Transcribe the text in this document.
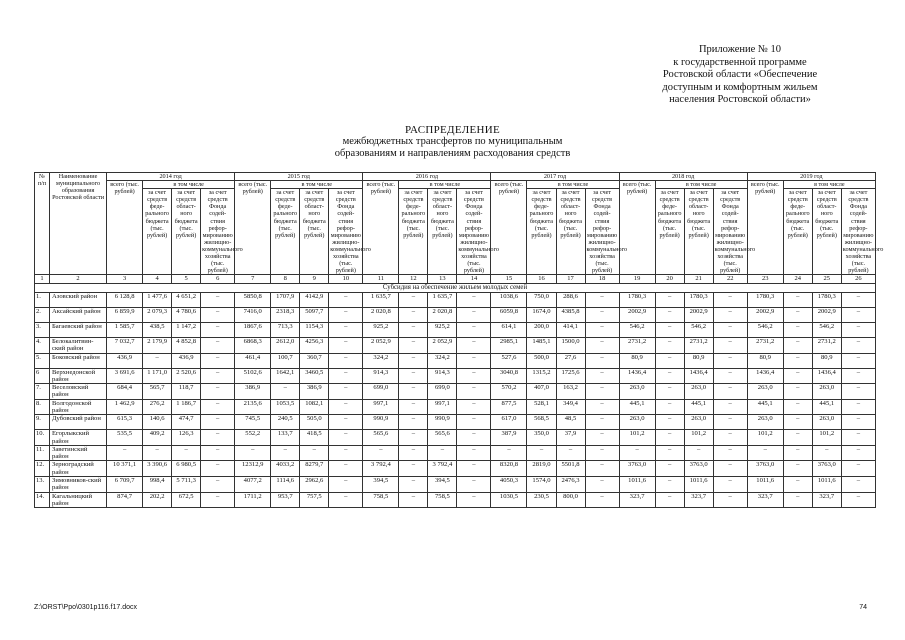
Приложение № 10
к государственной программе
Ростовской области «Обеспечение
доступным и комфортным жильем
населения Ростовской области»
РАСПРЕДЕЛЕНИЕ
межбюджетных трансфертов по муниципальным
образованиям и направлениям расходования средств
№ п/п	Наименование муниципального образования Ростовской области	2014 год				2015 год				2016 год				2017 год				2018 год				2019 год			
		всего (тыс. рублей)	в том числе			всего (тыс. рублей)	в том числе			всего (тыс. рублей)	в том числе			всего (тыс. рублей)	в том числе			всего (тыс. рублей)	в том числе			всего (тыс. рублей)	в том числе		
			за счет средств феде-рального бюджета (тыс. рублей)	за счет средств област-ного бюджета (тыс. рублей)	за счет средств Фонда содей-ствия рефор-мированию жилищно-коммунального хозяйства (тыс. рублей)		за счет средств феде-рального бюджета (тыс. рублей)	за счет средств област-ного бюджета (тыс. рублей)	за счет средств Фонда содей-ствия рефор-мированию жилищно-коммунального хозяйства (тыс. рублей)		за счет средств феде-рального бюджета (тыс. рублей)	за счет средств област-ного бюджета (тыс. рублей)	за счет средств Фонда содей-ствия рефор-мированию жилищно-коммунального хозяйства (тыс. рублей)		за счет средств феде-рального бюджета (тыс. рублей)	за счет средств област-ного бюджета (тыс. рублей)	за счет средств Фонда содей-ствия рефор-мированию жилищно-коммунального хозяйства (тыс. рублей)		за счет средств феде-рального бюджета (тыс. рублей)	за счет средств област-ного бюджета (тыс. рублей)	за счет средств Фонда содей-ствия рефор-мированию жилищно-коммунального хозяйства (тыс. рублей)		за счет средств феде-рального бюджета (тыс. рублей)	за счет средств област-ного бюджета (тыс. рублей)	за счет средств Фонда содей-ствия рефор-мированию жилищно-коммунального хозяйства (тыс. рублей)
1	2	3	4	5	6	7	8	9	10	11	12	13	14	15	16	17	18	19	20	21	22	23	24	25	26
Субсидия на обеспечение жильем молодых семей																									
1.	Азовский район	6 128,8	1 477,6	4 651,2	–	5850,8	1707,9	4142,9	–	1 635,7	–	1 635,7	–	1038,6	750,0	288,6	–	1780,3	–	1780,3	–	1780,3	–	1780,3	–
2.	Аксайский район	6 859,9	2 079,3	4 780,6	–	7416,0	2318,3	5097,7	–	2 020,8	–	2 020,8	–	6059,8	1674,0	4385,8	–	2002,9	–	2002,9	–	2002,9	–	2002,9	–
3.	Багаевский район	1 585,7	438,5	1 147,2	–	1867,6	713,3	1154,3	–	925,2	–	925,2	–	614,1	200,0	414,1	–	546,2	–	546,2	–	546,2	–	546,2	–
4.	Белокалитвин-ский район	7 032,7	2 179,9	4 852,8	–	6868,3	2612,0	4256,3	–	2 052,9	–	2 052,9	–	2985,1	1485,1	1500,0	–	2731,2	–	2731,2	–	2731,2	–	2731,2	–
5.	Боковский район	436,9	–	436,9	–	461,4	100,7	360,7	–	324,2	–	324,2	–	527,6	500,0	27,6	–	80,9	–	80,9	–	80,9	–	80,9	–
6	Верхнедонской район	3 691,6	1 171,0	2 520,6	–	5102,6	1642,1	3460,5	–	914,3	–	914,3	–	3040,8	1315,2	1725,6	–	1436,4	–	1436,4	–	1436,4	–	1436,4	–
7.	Веселовский район	684,4	565,7	118,7	–	386,9	–	386,9	–	699,0	–	699,0	–	570,2	407,0	163,2	–	263,0	–	263,0	–	263,0	–	263,0	–
8.	Волгодонской район	1 462,9	276,2	1 186,7	–	2135,6	1053,5	1082,1	–	997,1	–	997,1	–	877,5	528,1	349,4	–	445,1	–	445,1	–	445,1	–	445,1	–
9.	Дубовский район	615,3	140,6	474,7	–	745,5	240,5	505,0	–	990,9	–	990,9	–	617,0	568,5	48,5	–	263,0	–	263,0	–	263,0	–	263,0	–
10.	Егорлыкский район	535,5	409,2	126,3	–	552,2	133,7	418,5	–	565,6	–	565,6	–	387,9	350,0	37,9	–	101,2	–	101,2	–	101,2	–	101,2	–
11.	Заветинский район	–	–	–	–	–	–	–	–	–	–	–	–	–	–	–	–	–	–	–	–	–	–	–	–
12.	Зерноградский район	10 371,1	3 390,6	6 980,5	–	12312,9	4033,2	8279,7	–	3 792,4	–	3 792,4	–	8320,8	2819,0	5501,8	–	3763,0	–	3763,0	–	3763,0	–	3763,0	–
13.	Зимовников-ский район	6 709,7	998,4	5 711,3	–	4077,2	1114,6	2962,6	–	394,5	–	394,5	–	4050,3	1574,0	2476,3	–	1011,6	–	1011,6	–	1011,6	–	1011,6	–
14.	Кагальницкий район	874,7	202,2	672,5	–	1711,2	953,7	757,5	–	758,5	–	758,5	–	1030,5	230,5	800,0	–	323,7	–	323,7	–	323,7	–	323,7	–
Z:\ORST\Ppo\0301p116.f17.docx	74
